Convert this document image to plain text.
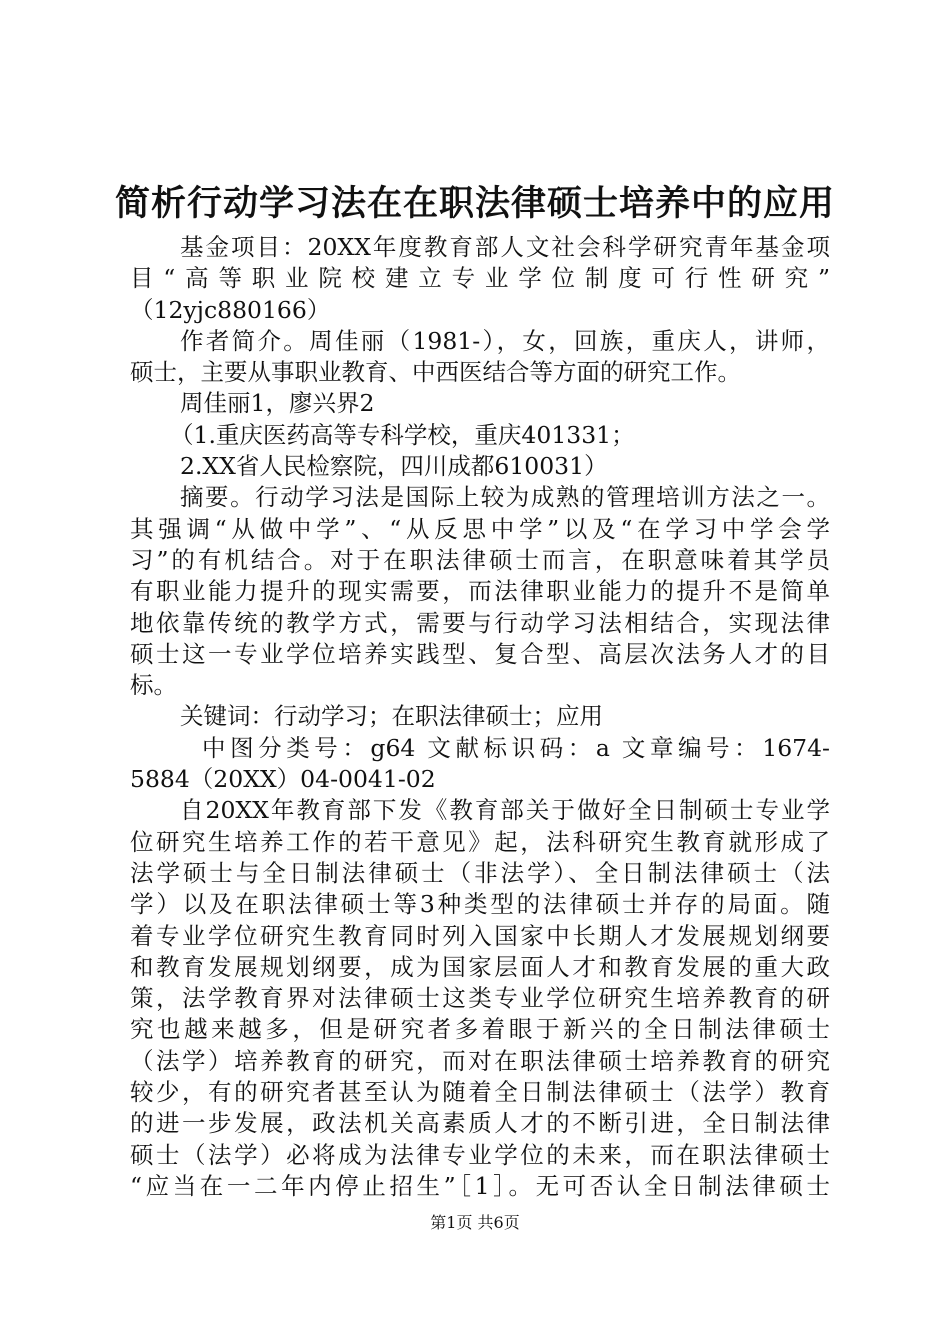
简析行动学习法在在职法律硕士培养中的应用
基金项目：20XX年度教育部人文社会科学研究青年基金项
目“高等职业院校建立专业学位制度可行性研究”
（12yjc880166）
作者简介。周佳丽（1981-），女，回族，重庆人，讲师，
硕士，主要从事职业教育、中西医结合等方面的研究工作。
周佳丽1，廖兴界2
（1.重庆医药高等专科学校，重庆401331；
2.XX省人民检察院，四川成都610031）
摘要。行动学习法是国际上较为成熟的管理培训方法之一。
其强调“从做中学”、“从反思中学”以及“在学习中学会学
习”的有机结合。对于在职法律硕士而言，在职意味着其学员
有职业能力提升的现实需要，而法律职业能力的提升不是简单
地依靠传统的教学方式，需要与行动学习法相结合，实现法律
硕士这一专业学位培养实践型、复合型、高层次法务人才的目
标。
关键词：行动学习；在职法律硕士；应用
中图分类号：g64 文献标识码：a 文章编号：1674-
5884（20XX）04-0041-02
自20XX年教育部下发《教育部关于做好全日制硕士专业学
位研究生培养工作的若干意见》起，法科研究生教育就形成了
法学硕士与全日制法律硕士（非法学）、全日制法律硕士（法
学）以及在职法律硕士等3种类型的法律硕士并存的局面。随
着专业学位研究生教育同时列入国家中长期人才发展规划纲要
和教育发展规划纲要，成为国家层面人才和教育发展的重大政
策，法学教育界对法律硕士这类专业学位研究生培养教育的研
究也越来越多，但是研究者多着眼于新兴的全日制法律硕士
（法学）培养教育的研究，而对在职法律硕士培养教育的研究
较少，有的研究者甚至认为随着全日制法律硕士（法学）教育
的进一步发展，政法机关高素质人才的不断引进，全日制法律
硕士（法学）必将成为法律专业学位的未来，而在职法律硕士
“应当在一二年内停止招生”［1］。无可否认全日制法律硕士
第1页 共6页
